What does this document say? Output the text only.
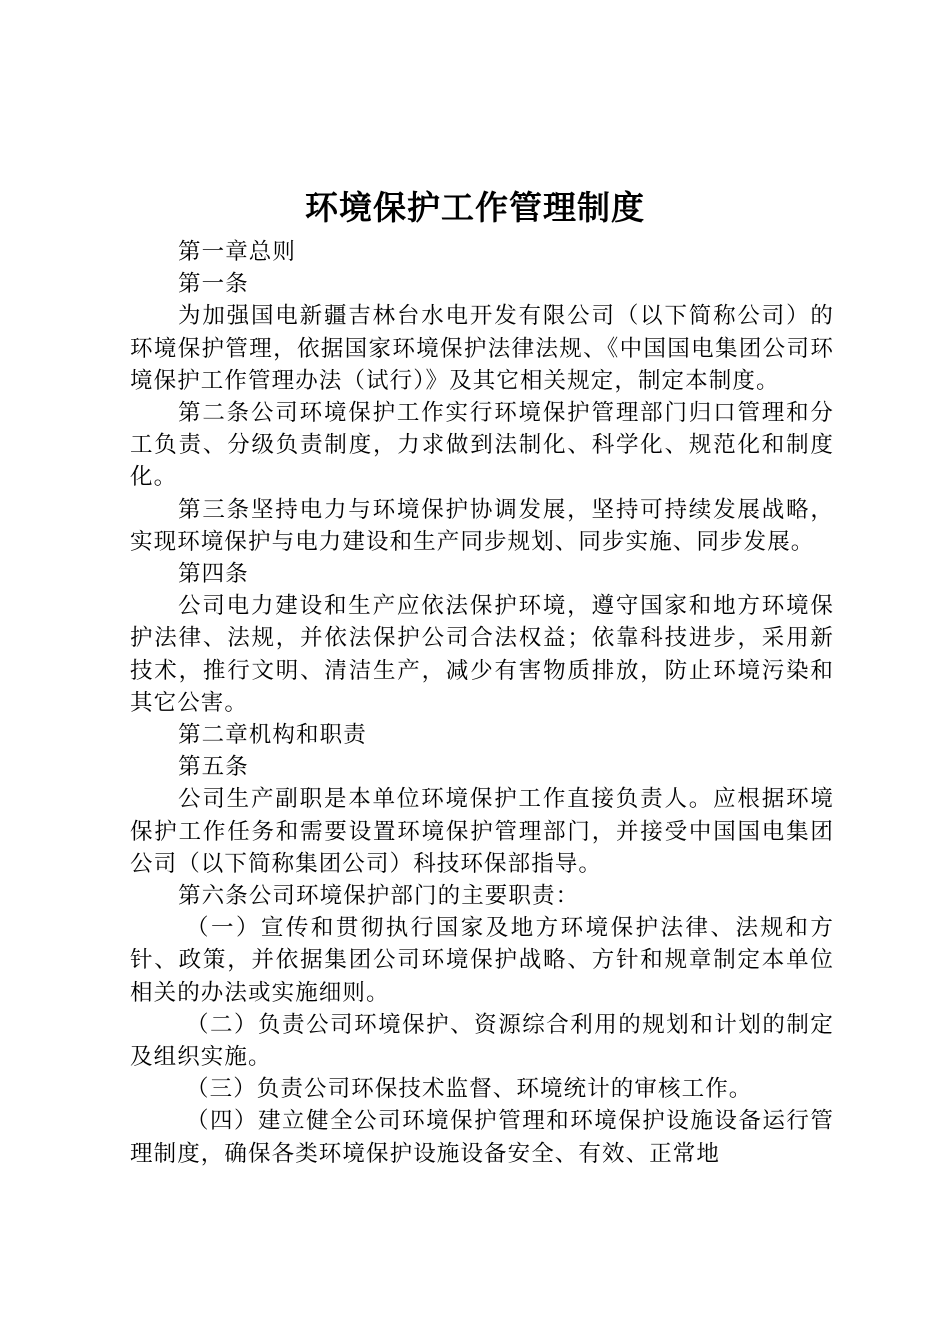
环境保护工作管理制度

第一章总则

第一条

为加强国电新疆吉林台水电开发有限公司（以下简称公司）的环境保护管理，依据国家环境保护法律法规、《中国国电集团公司环境保护工作管理办法（试行）》及其它相关规定，制定本制度。

第二条公司环境保护工作实行环境保护管理部门归口管理和分工负责、分级负责制度，力求做到法制化、科学化、规范化和制度化。

第三条坚持电力与环境保护协调发展，坚持可持续发展战略，实现环境保护与电力建设和生产同步规划、同步实施、同步发展。

第四条

公司电力建设和生产应依法保护环境，遵守国家和地方环境保护法律、法规，并依法保护公司合法权益；依靠科技进步，采用新技术，推行文明、清洁生产，减少有害物质排放，防止环境污染和其它公害。

第二章机构和职责

第五条

公司生产副职是本单位环境保护工作直接负责人。应根据环境保护工作任务和需要设置环境保护管理部门，并接受中国国电集团公司（以下简称集团公司）科技环保部指导。

第六条公司环境保护部门的主要职责：

（一）宣传和贯彻执行国家及地方环境保护法律、法规和方针、政策，并依据集团公司环境保护战略、方针和规章制定本单位相关的办法或实施细则。

（二）负责公司环境保护、资源综合利用的规划和计划的制定及组织实施。

（三）负责公司环保技术监督、环境统计的审核工作。

（四）建立健全公司环境保护管理和环境保护设施设备运行管理制度，确保各类环境保护设施设备安全、有效、正常地
